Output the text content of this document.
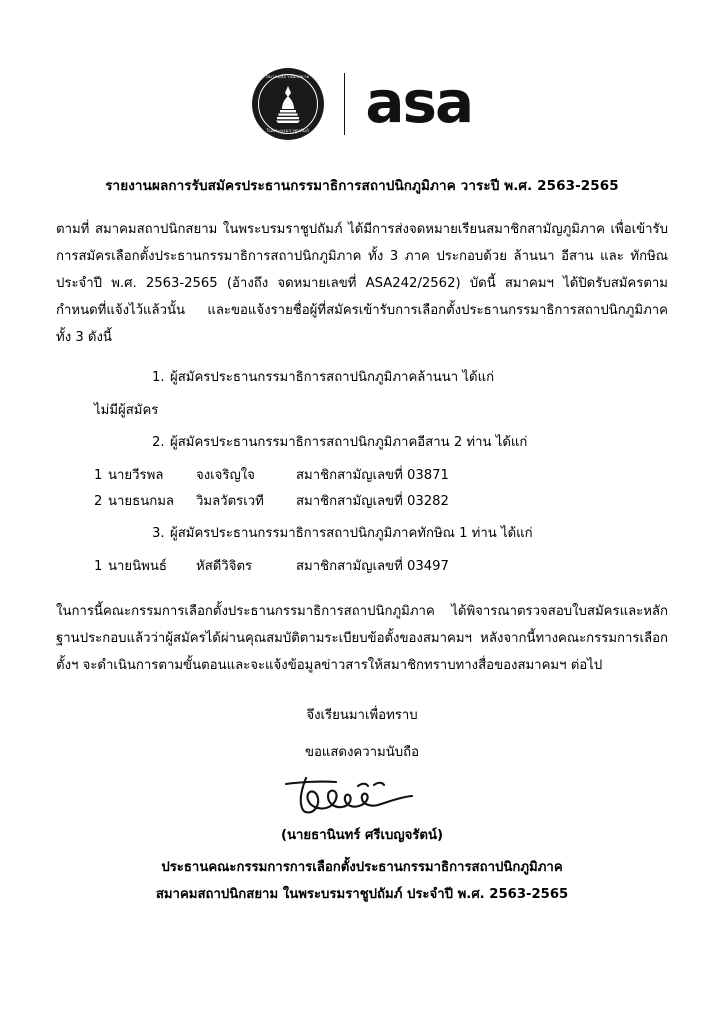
สมาคมสถาปนิกสยาม
ในพระบรมราชูปถัมภ์ asa
รายงานผลการรับสมัครประธานกรรมาธิการสถาปนิกภูมิภาค วาระปี พ.ศ. 2563-2565

ตามที่ สมาคมสถาปนิกสยาม ในพระบรมราชูปถัมภ์ ได้มีการส่งจดหมายเรียนสมาชิกสามัญภูมิภาค เพื่อเข้ารับการสมัครเลือกตั้งประธานกรรมาธิการสถาปนิกภูมิภาค ทั้ง 3 ภาค ประกอบด้วย ล้านนา อีสาน และ ทักษิณ ประจำปี พ.ศ. 2563-2565 (อ้างถึง จดหมายเลขที่ ASA242/2562) บัดนี้ สมาคมฯ ได้ปิดรับสมัครตามกำหนดที่แจ้งไว้แล้วนั้น และขอแจ้งรายชื่อผู้ที่สมัครเข้ารับการเลือกตั้งประธานกรรมาธิการสถาปนิกภูมิภาค ทั้ง 3 ดังนี้

1. ผู้สมัครประธานกรรมาธิการสถาปนิกภูมิภาคล้านนา ได้แก่
ไม่มีผู้สมัคร
2. ผู้สมัครประธานกรรมาธิการสถาปนิกภูมิภาคอีสาน 2 ท่าน ได้แก่
1 นายวีรพล จงเจริญใจ	สมาชิกสามัญเลขที่ 03871
2 นายธนกมล วิมลวัตรเวที สมาชิกสามัญเลขที่ 03282
3. ผู้สมัครประธานกรรมาธิการสถาปนิกภูมิภาคทักษิณ 1 ท่าน ได้แก่
1 นายนิพนธ์ หัสดีวิจิตร	สมาชิกสามัญเลขที่ 03497

ในการนี้คณะกรรมการเลือกตั้งประธานกรรมาธิการสถาปนิกภูมิภาค ได้พิจารณาตรวจสอบใบสมัครและหลักฐานประกอบแล้วว่าผู้สมัครได้ผ่านคุณสมบัติตามระเบียบข้อตั้งของสมาคมฯ หลังจากนี้ทางคณะกรรมการเลือกตั้งฯ จะดำเนินการตามขั้นตอนและจะแจ้งข้อมูลข่าวสารให้สมาชิกทราบทางสื่อของสมาคมฯ ต่อไป

จึงเรียนมาเพื่อทราบ
ขอแสดงความนับถือ
(นายธานินทร์ ศรีเบญจรัตน์)
ประธานคณะกรรมการการเลือกตั้งประธานกรรมาธิการสถาปนิกภูมิภาค
สมาคมสถาปนิกสยาม ในพระบรมราชูปถัมภ์ ประจำปี พ.ศ. 2563-2565
